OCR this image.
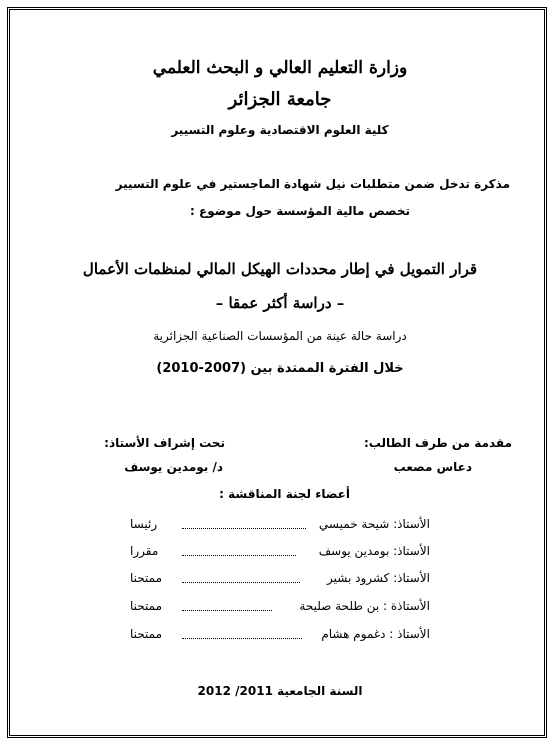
وزارة التعليم العالي و البحث العلمي
جامعة الجزائر
كلية العلوم الاقتصادية وعلوم التسيير
مذكرة تدخل ضمن متطلبات نيل شهادة الماجستير في علوم التسيير
تخصص مالية المؤسسة حول موضوع :
قرار التمويل في إطار محددات الهيكل المالي لمنظمات الأعمال
– دراسة أكثر عمقا –
دراسة حالة عينة من المؤسسات الصناعية الجزائرية
خلال الفترة الممتدة بين (2007-2010)
مقدمة من طرف الطالب:
دعاس مصعب
تحت إشراف الأستاذ:
د/ بومدين يوسف
أعضاء لجنة المناقشة :
الأستاذ: شيحة خميسي
رئيسا
الأستاذ: بومدين يوسف
مقررا
الأستاذ: كشرود بشير
ممتحنا
الأستاذة : بن طلحة صليحة
ممتحنا
الأستاذ : دغموم هشام
ممتحنا
السنة الجامعية 2011/ 2012
